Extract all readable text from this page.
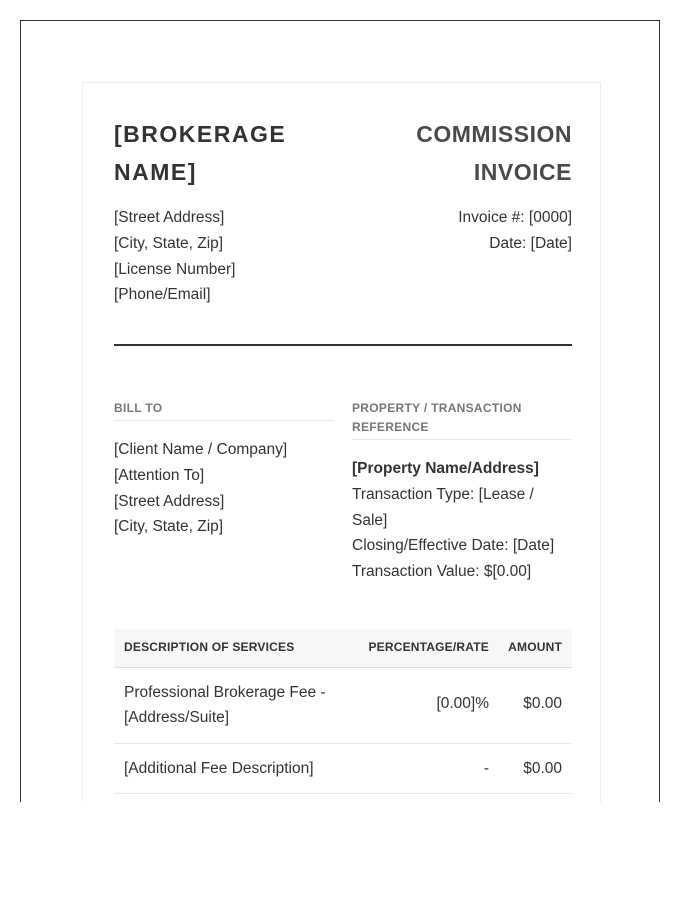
[BROKERAGE NAME]
COMMISSION INVOICE
[Street Address]
[City, State, Zip]
[License Number]
[Phone/Email]
Invoice #: [0000]
Date: [Date]
BILL TO
[Client Name / Company]
[Attention To]
[Street Address]
[City, State, Zip]
PROPERTY / TRANSACTION REFERENCE
[Property Name/Address]
Transaction Type: [Lease / Sale]
Closing/Effective Date: [Date]
Transaction Value: $[0.00]
DESCRIPTION OF SERVICES	PERCENTAGE/RATE AMOUNT
Professional Brokerage Fee - [Address/Suite]
[0.00]% $0.00
[Additional Fee Description]	- $0.00
